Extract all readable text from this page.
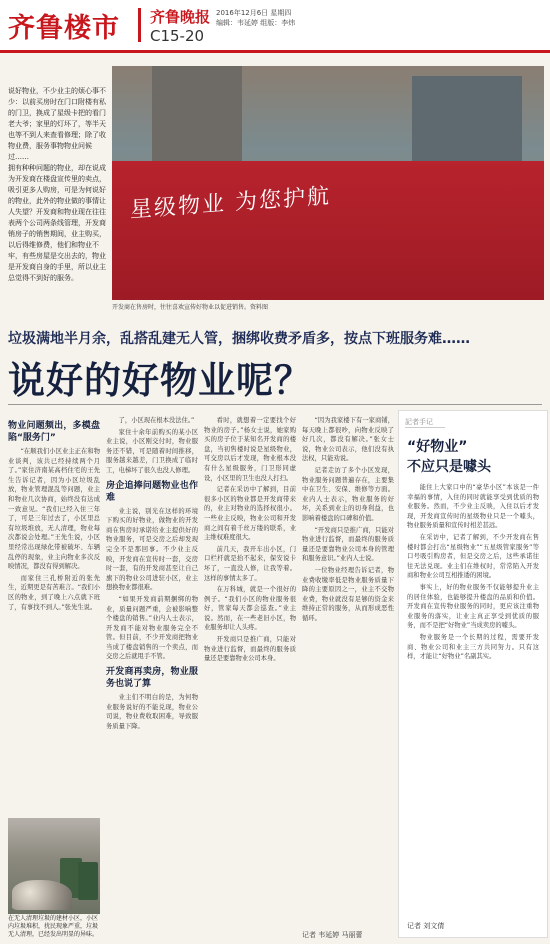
齐鲁楼市 齐鲁晚报 2016年12月6日 星期四
编辑：韦延婷 组版：李炜
C15-20
说好物业，不少业主的烦心事不少：以前买房时在门口附楼有私的门卫，换成了星级卡把的看门老大爷；家里的灯坏了，等半天也等不到人来查看修理；除了收物业费，服务事物物业问候过……
拥有种种问题的物业，却在说成为开发商在楼盘宣传里的卖点，吸引更多人购房，可是为何说好的物业，此外的物业做的事情让人失望？开发商和物业现在往往表两个公司两条线管理，开发商销房子的销售期间，业主购买，以后得维修费，他们和物业不牢，有些房屋是交出去的，物业是开发商自身的手里，所以业主总觉得不到好的服务。
星级物业 为您护航
开发商在售房时，往往喜欢宣传好物业以促进销售。资料图
垃圾满地半月余，乱搭乱建无人管，捆绑收费矛盾多，按点下班服务难……
说好的好物业呢？
物业问题频出，多模盘陷“服务门”
“在顺我们小区业主正在和物业谈判，该共已经持续两个月了。”家住济南某高档住宅的王先生告诉记者，因为小区垃圾乱放，物业管理混乱等问题，业主和物业几次协商，始终没有达成一致意见。“我们已经入住三年了，可是三年过去了，小区里总有垃圾堆放，无人清理，物业每次都说会处理。”王先生说，小区里经常出现绿化带被破坏、车辆乱停的现象，业主向物业多次反映情况，都没有得到解决。
而家住三孔桥附近的张先生，近期更是有苦难言。“我们小区的物业，到了晚上六点就下班了，有事找不到人。”张先生说。
了，小区现在根本没法住。”
家住十余年前购买的某小区业主说，小区刚交付时，物业服务还不错，可是随着时间推移，服务越来越差，门卫换成了临时工，电梯坏了很久也没人修理。
房企追捧问题物业也作难
业主说，别光在这样的环境下购买的好物业，做物业的开发商在售房时承诺给业主提供好的物业服务，可是交房之后却发现完全不是那回事。不少业主反映，开发商在宣传时一套，交房时一套，有的开发商甚至让自己旗下的物业公司进驻小区，业主想换物业都很难。
“如果开发商前期捆绑的物业，质量问题严重，会被影响整个楼盘的销售。”业内人士表示，开发商不能对物业服务完全不管。但目前，不少开发商把物业当成了楼盘销售的一个卖点，而交房之后就甩手不管。
开发商再卖房，物业服务也说了算
业主们不明白的是，为何物业服务说好的不能兑现，物业公司说，物业费收取困难，导致服务质量下降。
看时，就想着一定要找个好物业的房子。”杨女士说，她家购买的房子位于某知名开发商的楼盘，当初售楼时说是星级物业，可交房以后才发现，物业根本没有什么星级服务，门卫形同虚设，小区里的卫生也没人打扫。
记者在采访中了解到，目前很多小区的物业都是开发商带来的，业主对物业的选择权很小。一些业主反映，物业公司和开发商之间有着千丝万缕的联系，业主维权难度很大。
前几天，我开车出小区，门口栏杆就是抬不起来，保安说卡坏了，一直没人修，让我等着。这样的事情太多了。
在万科城，就是一个很好的例子。“我们小区的物业服务很好，管家每天都会巡查。”业主说。然而，在一些老旧小区，物业服务却让人头疼。
开发商只是推广商，只能对物业进行监督，而最终的服务质量还是要靠物业公司本身。
“因为我家楼下有一家商铺，每天晚上都很吵，向物业反映了好几次，都没有解决。”张女士说，物业公司表示，他们没有执法权，只能劝说。
记者走访了多个小区发现，物业服务问题普遍存在，主要集中在卫生、安保、维修等方面。业内人士表示，物业服务的好坏，关系到业主的切身利益，也影响着楼盘的口碑和价值。
“开发商只是推广商，只能对物业进行监督，而最终的服务质量还是要靠物业公司本身的管理和服务意识。”业内人士说。
一位物业经理告诉记者，物业费收缴率低是物业服务质量下降的主要原因之一，业主不交物业费，物业就没有足够的资金来维持正常的服务，从而形成恶性循环。
在无人清理垃圾的建材小区，小区内垃圾堆积，扰民现象严重，垃圾无人清理，已经发出明显的异味。
記者手记
“好物业”
不应只是噱头
能住上大家口中的“豪华小区”本该是一件幸福的事情，入住的同时就能享受到优质的物业服务。然而，不少业主反映，入住以后才发现，开发商宣传时的星级物业只是一个噱头，物业服务质量和宣传时相差甚远。
在采访中，记者了解到，不少开发商在售楼时都会打出“星级物业”“五星级管家服务”等口号吸引购房者，但是交房之后，这些承诺往往无法兑现。业主们在维权时，常常陷入开发商和物业公司互相推诿的困境。
事实上，好的物业服务不仅能够提升业主的居住体验，也能够提升楼盘的品质和价值。开发商在宣传物业服务的同时，更应该注重物业服务的落实，让业主真正享受到优质的服务，而不是把“好物业”当成卖房的噱头。
物业服务是一个长期的过程，需要开发商、物业公司和业主三方共同努力。只有这样，才能让“好物业”名副其实。
记者 刘文倩
记者 韦延婷 马丽蕾
